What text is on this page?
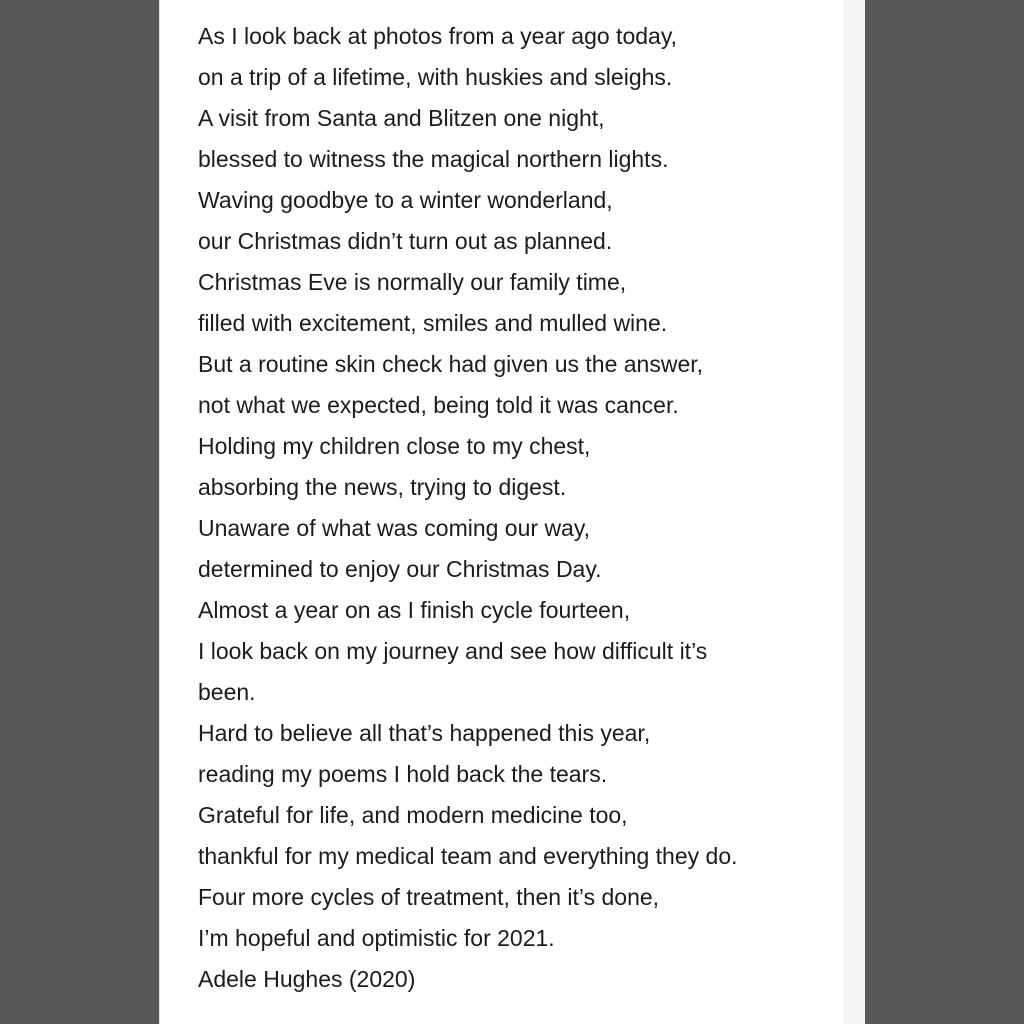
As I look back at photos from a year ago today,
on a trip of a lifetime, with huskies and sleighs.
A visit from Santa and Blitzen one night,
blessed to witness the magical northern lights.
Waving goodbye to a winter wonderland,
our Christmas didn’t turn out as planned.
Christmas Eve is normally our family time,
filled with excitement, smiles and mulled wine.
But a routine skin check had given us the answer,
not what we expected, being told it was cancer.
Holding my children close to my chest,
absorbing the news, trying to digest.
Unaware of what was coming our way,
determined to enjoy our Christmas Day.
Almost a year on as I finish cycle fourteen,
I look back on my journey and see how difficult it’s
been.
Hard to believe all that’s happened this year,
reading my poems I hold back the tears.
Grateful for life, and modern medicine too,
thankful for my medical team and everything they do.
Four more cycles of treatment, then it’s done,
I’m hopeful and optimistic for 2021.
Adele Hughes (2020)
